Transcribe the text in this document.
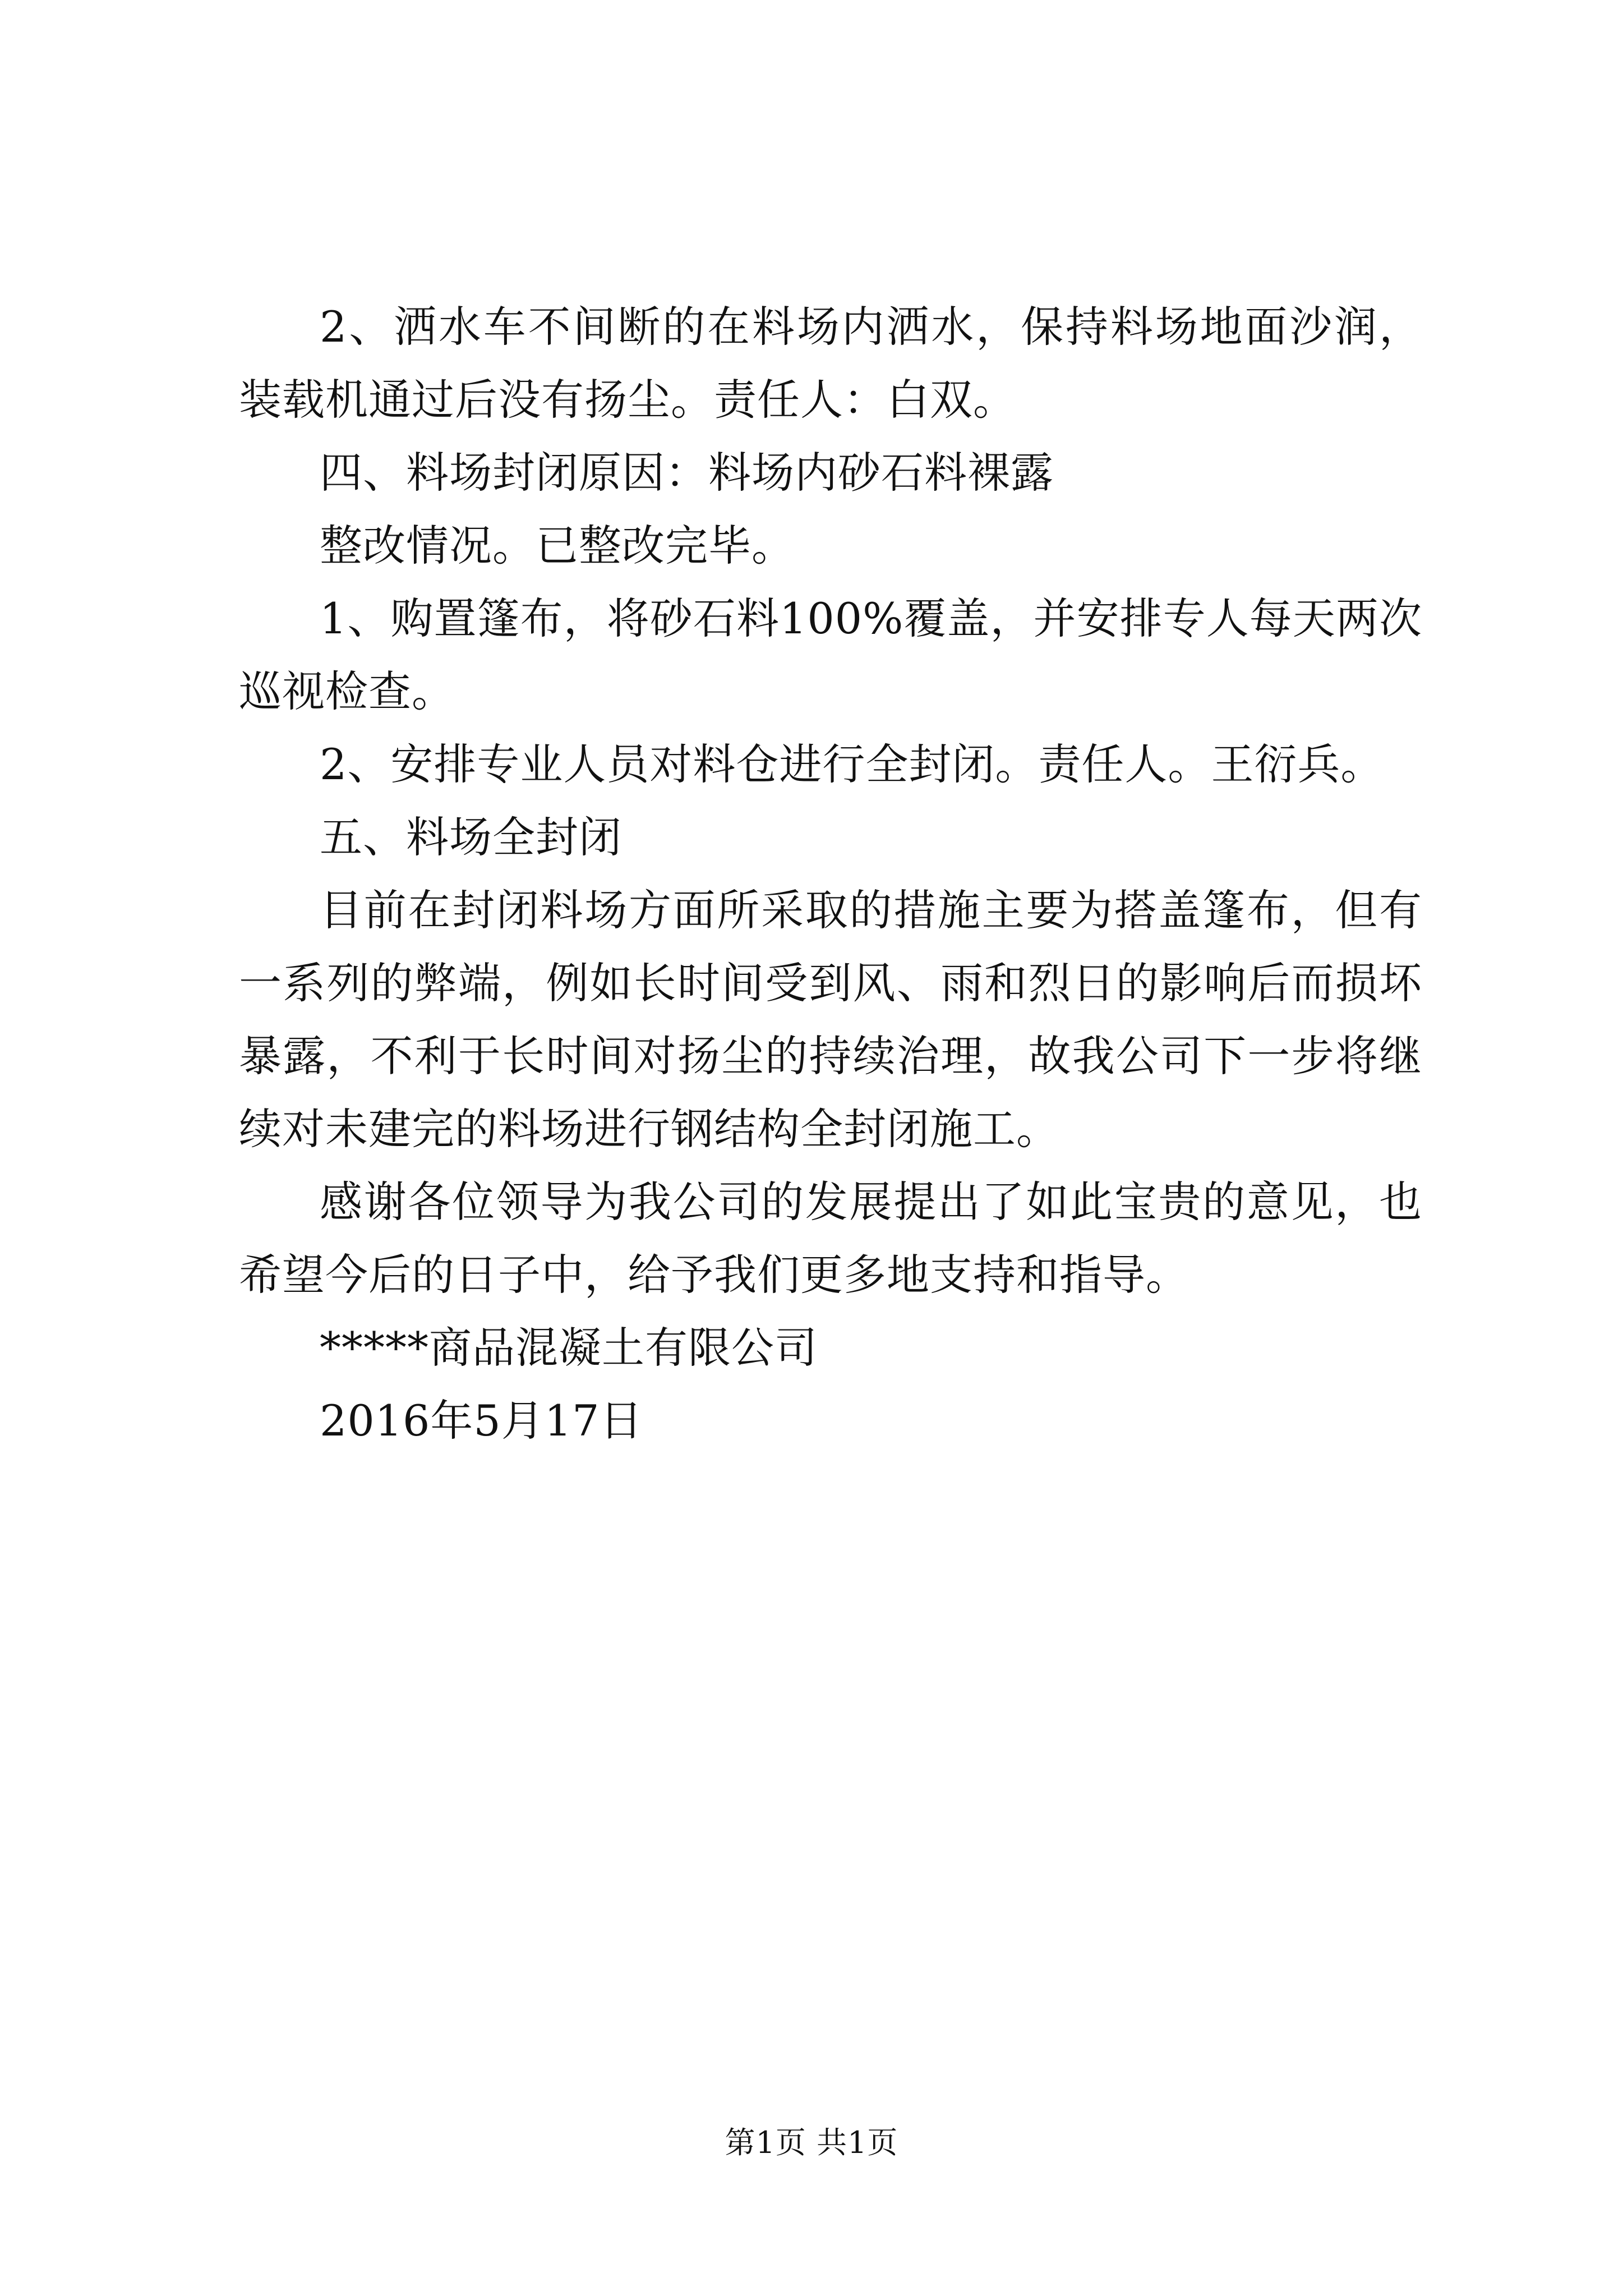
2、洒水车不间断的在料场内洒水，保持料场地面沙润，装载机通过后没有扬尘。责任人：白双。

四、料场封闭原因：料场内砂石料裸露

整改情况。已整改完毕。

1、购置篷布，将砂石料100%覆盖，并安排专人每天两次巡视检查。

2、安排专业人员对料仓进行全封闭。责任人。王衍兵。

五、料场全封闭

目前在封闭料场方面所采取的措施主要为搭盖篷布，但有一系列的弊端，例如长时间受到风、雨和烈日的影响后而损坏暴露，不利于长时间对扬尘的持续治理，故我公司下一步将继续对未建完的料场进行钢结构全封闭施工。

感谢各位领导为我公司的发展提出了如此宝贵的意见，也希望今后的日子中，给予我们更多地支持和指导。

*****商品混凝土有限公司

2016年5月17日

第1页 共1页
